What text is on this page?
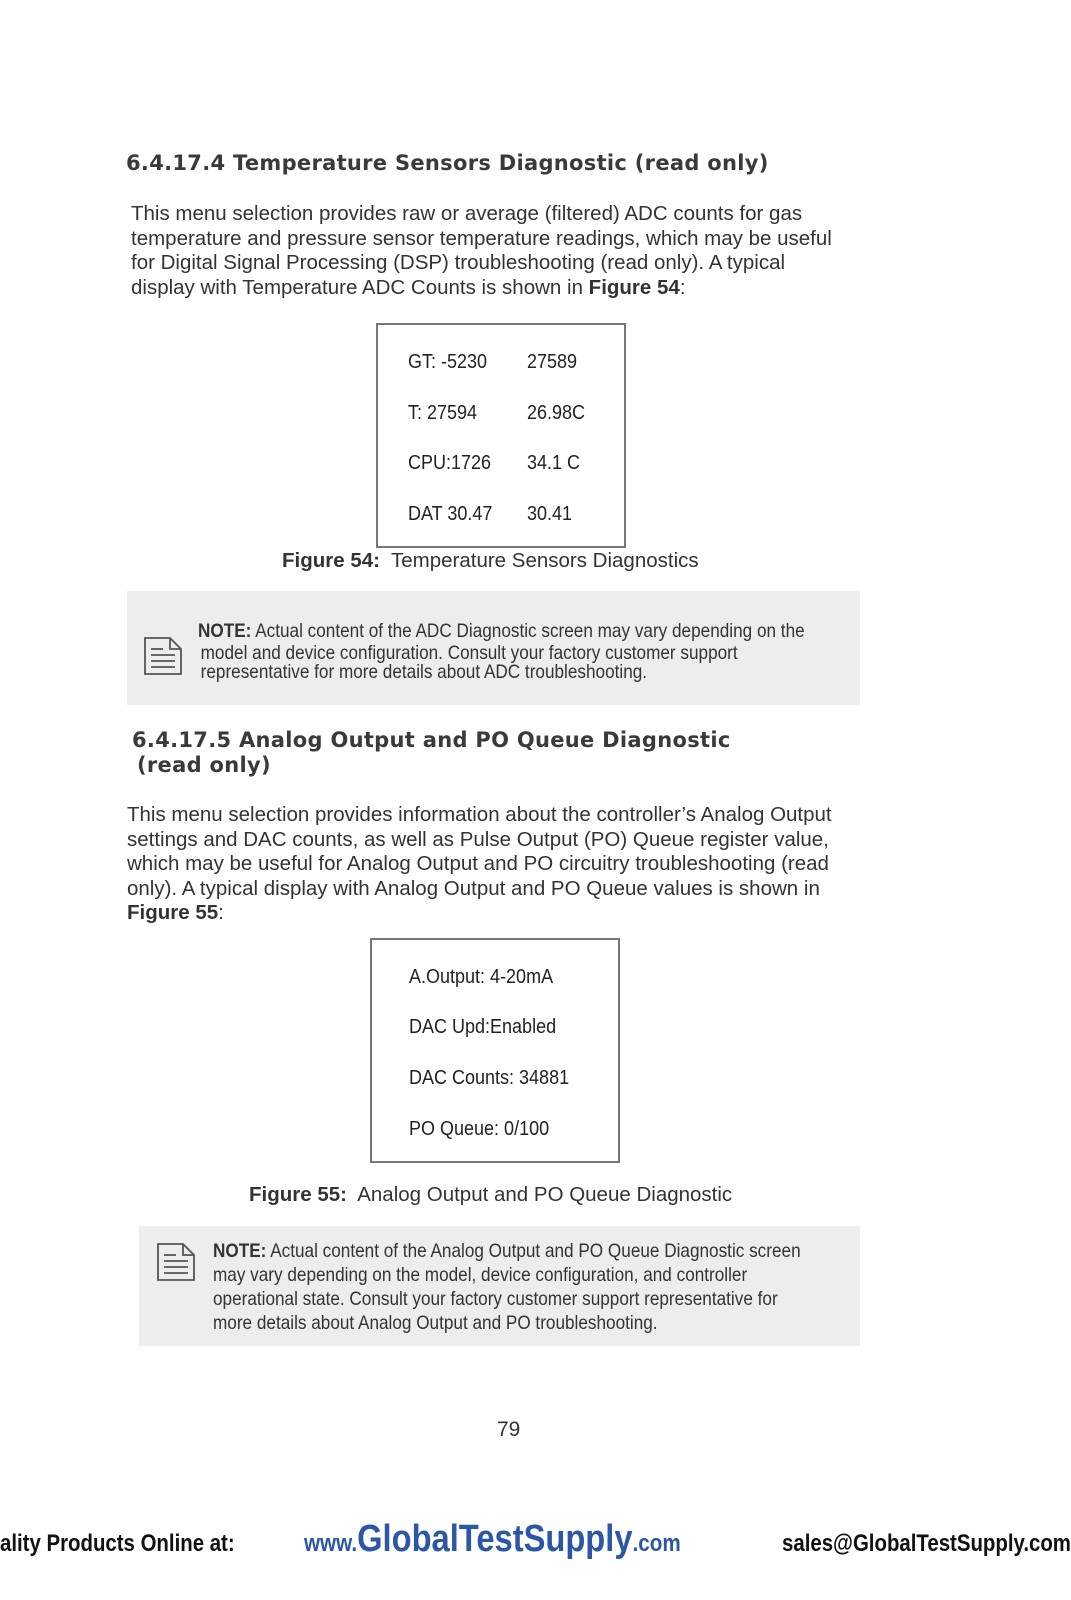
6.4.17.4 Temperature Sensors Diagnostic (read only)
This menu selection provides raw or average (filtered) ADC counts for gas
temperature and pressure sensor temperature readings, which may be useful
for Digital Signal Processing (DSP) troubleshooting (read only). A typical
display with Temperature ADC Counts is shown in Figure 54:
GT: -5230 27589
T: 27594 26.98C
CPU:1726 34.1 C
DAT 30.47 30.41
Figure 54: Temperature Sensors Diagnostics
NOTE: Actual content of the ADC Diagnostic screen may vary depending on the
model and device configuration. Consult your factory customer support
representative for more details about ADC troubleshooting.
6.4.17.5 Analog Output and PO Queue Diagnostic
(read only)
This menu selection provides information about the controller’s Analog Output
settings and DAC counts, as well as Pulse Output (PO) Queue register value,
which may be useful for Analog Output and PO circuitry troubleshooting (read
only). A typical display with Analog Output and PO Queue values is shown in
Figure 55:
A.Output: 4-20mA
DAC Upd:Enabled
DAC Counts: 34881
PO Queue: 0/100
Figure 55: Analog Output and PO Queue Diagnostic
NOTE: Actual content of the Analog Output and PO Queue Diagnostic screen
may vary depending on the model, device configuration, and controller
operational state. Consult your factory customer support representative for
more details about Analog Output and PO troubleshooting.
79
ality Products Online at:	www.GlobalTestSupply.com	sales@GlobalTestSupply.com
